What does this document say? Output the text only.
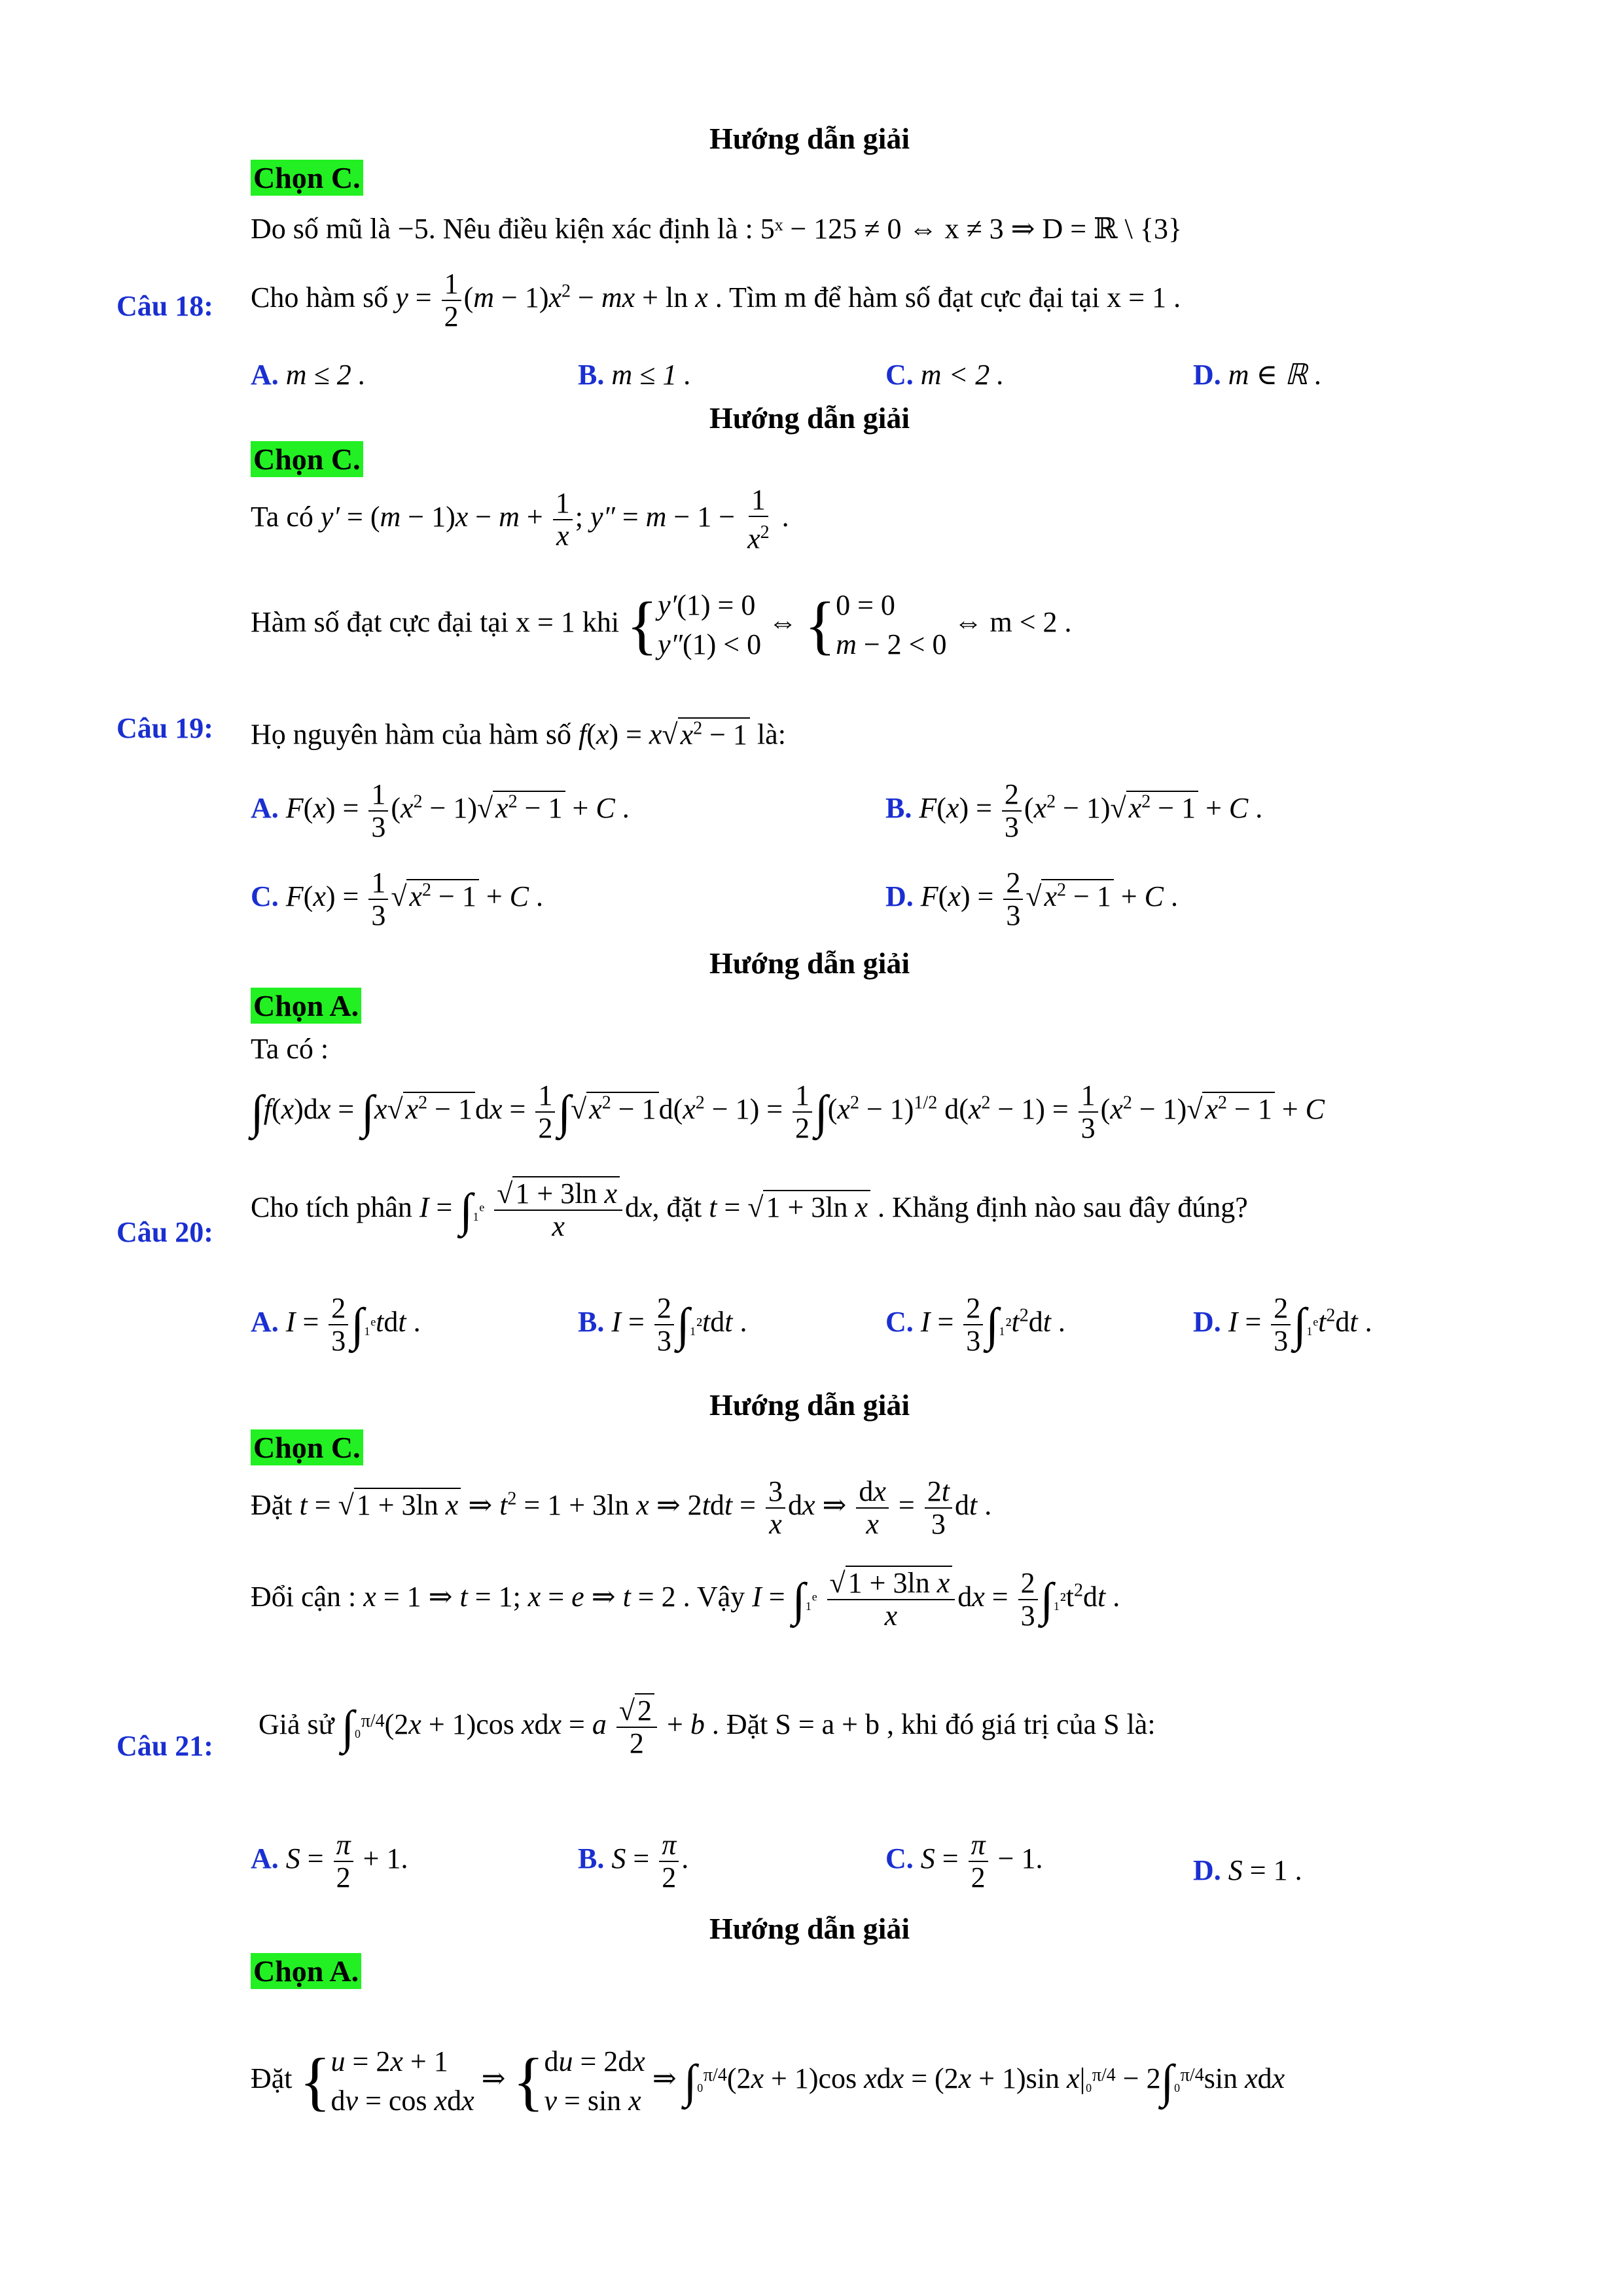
Hướng dẫn giải
Chọn C.
Do số mũ là −5. Nêu điều kiện xác định là : 5ˣ − 125 ≠ 0 ⇔ x ≠ 3 ⇒ D = ℝ \ {3}
Câu 18: Cho hàm số $y = \frac{1}{2} (m - 1)x^2$ − mx + ln x . Tìm m để hàm số đạt cực đại tại x = 1 .
A. m ≤ 2 .	B. m ≤ 1 .	C. m < 2 .	D. m ∈ ℝ .
Hướng dẫn giải
Chọn C.
Ta có $y' = (m - 1)x - m + \frac{1}{x}$ ; $y'' = m - 1 - \frac{1}{x^2}$ .
Hàm số đạt cực đại tại x = 1 khi { y′(1) = 0
y″(1) < 0
⇔ { 0 = 0
m − 2 < 0
⇔ m < 2 .
Câu 19: Họ nguyên hàm của hàm số $f(x) = x√x^2 - 1$ là:
A. $F(x) = \frac{1}{3} (x^2 - 1)√x^2 - 1 + C$ .	B. $F(x) = \frac{2}{3} (x^2 - 1)√x^2 - 1 + C$ .
C. $F(x) = \frac{1}{3} √x^2 - 1 + C$ .	D. $F(x) = \frac{2}{3} √x^2 - 1 + C$ .
Hướng dẫn giải
Chọn A.
Ta có :
$\int f(x)dx = \int x√x^2 - 1dx = \frac{1}{2} \int√x^2 - 1d(x^2 - 1) = \frac{1}{2} \int(x^2 - 1)^{1/2}$ $d(x^2 - 1) = \frac{1}{3} (x^2 - 1)√x^2 - 1 + C$
Câu 20:
Cho tích phân I = ∫₁ᵉ $\frac{\text{√1 + 3ln x}}{x}$ dx, đặt t = √1 + 3ln x . Khẳng định nào sau đây đúng?
A. $I = \frac{2}{3}$ ∫₁ᵉtdt .	B. $I = \frac{2}{3} \int_1^2tdt$ .	C. $I = \frac{2}{3} \int_1^2t^2dt$ .	D. $I = \frac{2}{3}$ ∫₁ᵉt$^2$dt .
Hướng dẫn giải
Chọn C.
Đặt t = √1 + 3ln x ⇒ $t^2 = 1 + 3\ln$ x ⇒ $2tdt = \frac{3}{x}$ dx ⇒ $\frac{dx}{x} = \frac{2t}{3}$ dt .
Đổi cận : x = 1 ⇒ t = 1; x = e ⇒ t = 2 . Vậy I = ∫₁ᵉ $\frac{\text{√1 + 3ln x}}{x}$ dx = $\frac{2}{3} \int_1^2t^2dt$ .
Câu 21:
Giả sử ∫₀$^{\pi/4}$(2x + 1)cos xdx = a $\frac{√2}{2} + b$ . Đặt S = a + b , khi đó giá trị của S là:
A. $S = \frac{\pi}{2} + 1$.	B. $S = \frac{\pi}{2}$ .	C. $S = \frac{\pi}{2} - 1$.	D. S = 1 .
Hướng dẫn giải
Chọn A.
Đặt { u = 2x + 1
dv = cos xdx
⇒ { du = 2dx
v = sin x
⇒ ∫₀$^{\pi/4}$(2x + 1)cos xdx = (2x + 1)sin x|₀$^{\pi/4}$ − 2∫₀$^{\pi/4}$sin xdx
